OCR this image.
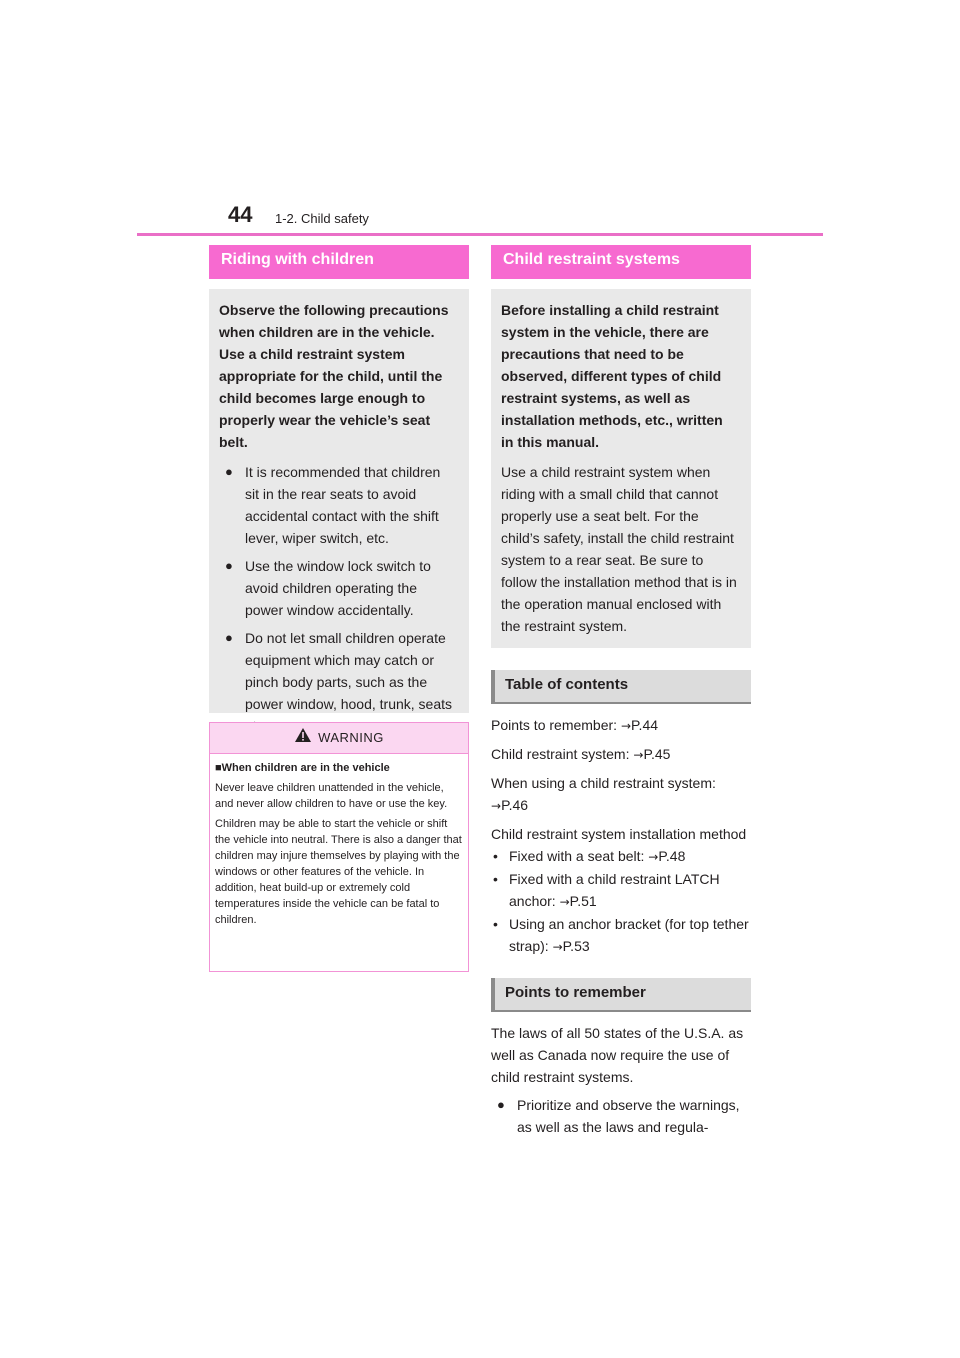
44 1-2. Child safety
Riding with children

Observe the following precautions when children are in the vehicle. Use a child restraint system appropriate for the child, until the child becomes large enough to properly wear the vehicle’s seat belt.

● It is recommended that children sit in the rear seats to avoid accidental contact with the shift lever, wiper switch, etc.

● Use the window lock switch to avoid children operating the power window accidentally.

● Do not let small children operate equipment which may catch or pinch body parts, such as the power window, hood, trunk, seats

WARNING
■When children are in the vehicle

Never leave children unattended in the vehicle, and never allow children to have or use the key.

Children may be able to start the vehicle or shift the vehicle into neutral. There is also a danger that children may injure themselves by playing with the windows or other features of the vehicle. In addition, heat build-up or extremely cold temperatures inside the vehicle can be fatal to children.

Child restraint systems

Before installing a child restraint system in the vehicle, there are precautions that need to be observed, different types of child restraint systems, as well as installation methods, etc., written in this manual.

Use a child restraint system when riding with a small child that cannot properly use a seat belt. For the child’s safety, install the child restraint system to a rear seat. Be sure to follow the installation method that is in the operation manual enclosed with the restraint system.

Table of contents

Points to remember: →P.44

Child restraint system: →P.45

When using a child restraint system: →P.46

Child restraint system installation method

• Fixed with a seat belt: →P.48

• Fixed with a child restraint LATCH anchor: →P.51

• Using an anchor bracket (for top tether strap): →P.53

Points to remember

The laws of all 50 states of the U.S.A. as well as Canada now require the use of child restraint systems.

● Prioritize and observe the warnings, as well as the laws and regula-
